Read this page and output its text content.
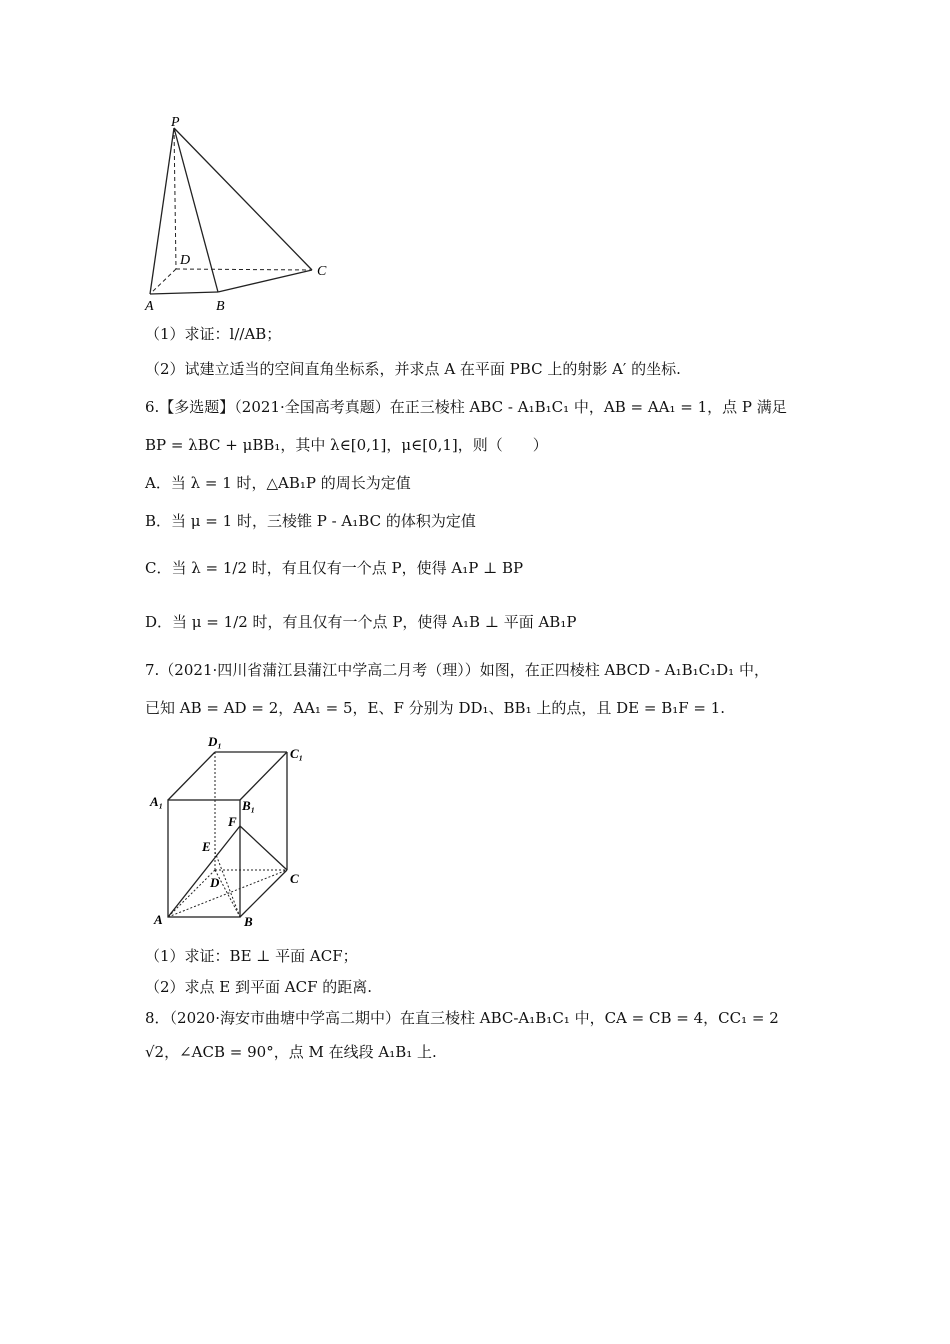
P
D
C
A	B
（1）求证：l//AB；
（2）试建立适当的空间直角坐标系，并求点 A 在平面 PBC 上的射影 A′ 的坐标.
6.【多选题】（2021·全国高考真题）在正三棱柱 ABC - A₁B₁C₁ 中，AB = AA₁ = 1，点 P 满足
BP = λBC + μBB₁，其中 λ∈[0,1]，μ∈[0,1]，则（　　）
A．当 λ = 1 时，△AB₁P 的周长为定值
B．当 μ = 1 时，三棱锥 P - A₁BC 的体积为定值
C．当 λ = 1/2 时，有且仅有一个点 P，使得 A₁P ⊥ BP
D．当 μ = 1/2 时，有且仅有一个点 P，使得 A₁B ⊥ 平面 AB₁P
7.（2021·四川省蒲江县蒲江中学高二月考（理））如图，在正四棱柱 ABCD - A₁B₁C₁D₁ 中，
已知 AB = AD = 2，AA₁ = 5，E、F 分别为 DD₁、BB₁ 上的点，且 DE = B₁F = 1.
D₁
C₁
A₁	B₁
F
E
D	C
A	B
（1）求证：BE ⊥ 平面 ACF；
（2）求点 E 到平面 ACF 的距离.
8．（2020·海安市曲塘中学高二期中）在直三棱柱 ABC-A₁B₁C₁ 中，CA = CB = 4，CC₁ = 2
√2，∠ACB = 90°，点 M 在线段 A₁B₁ 上.
